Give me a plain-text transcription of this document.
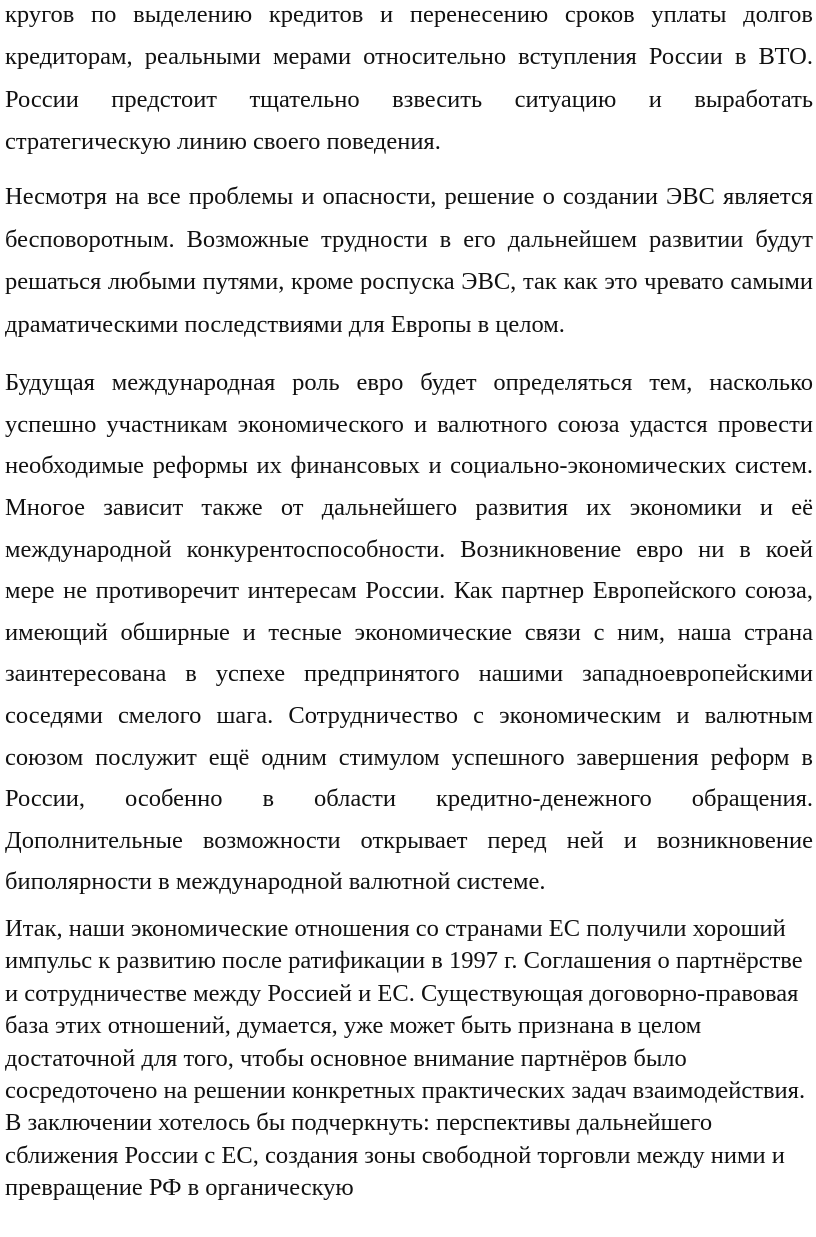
кругов по выделению кредитов и перенесению сроков уплаты долгов кредиторам, реальными мерами относительно вступления России в ВТО. России предстоит тщательно взвесить ситуацию и выработать стратегическую линию своего поведения.

Несмотря на все проблемы и опасности, решение о создании ЭВС является бесповоротным. Возможные трудности в его дальнейшем развитии будут решаться любыми путями, кроме роспуска ЭВС, так как это чревато самыми драматическими последствиями для Европы в целом.

Будущая международная роль евро будет определяться тем, насколько успешно участникам экономического и валютного союза удастся провести необходимые реформы их финансовых и социально-экономических систем. Многое зависит также от дальнейшего развития их экономики и её международной конкурентоспособности. Возникновение евро ни в коей мере не противоречит интересам России. Как партнер Европейского союза, имеющий обширные и тесные экономические связи с ним, наша страна заинтересована в успехе предпринятого нашими западноевропейскими соседями смелого шага. Сотрудничество с экономическим и валютным союзом послужит ещё одним стимулом успешного завершения реформ в России, особенно в области кредитно-денежного обращения. Дополнительные возможности открывает перед ней и возникновение биполярности в международной валютной системе.

Итак, наши экономические отношения со странами ЕС получили хороший импульс к развитию после ратификации в 1997 г. Соглашения о партнёрстве и сотрудничестве между Россией и ЕС. Существующая договорно-правовая база этих отношений, думается, уже может быть признана в целом достаточной для того, чтобы основное внимание партнёров было сосредоточено на решении конкретных практических задач взаимодействия. В заключении хотелось бы подчеркнуть: перспективы дальнейшего сближения России с ЕС, создания зоны свободной торговли между ними и превращение РФ в органическую
